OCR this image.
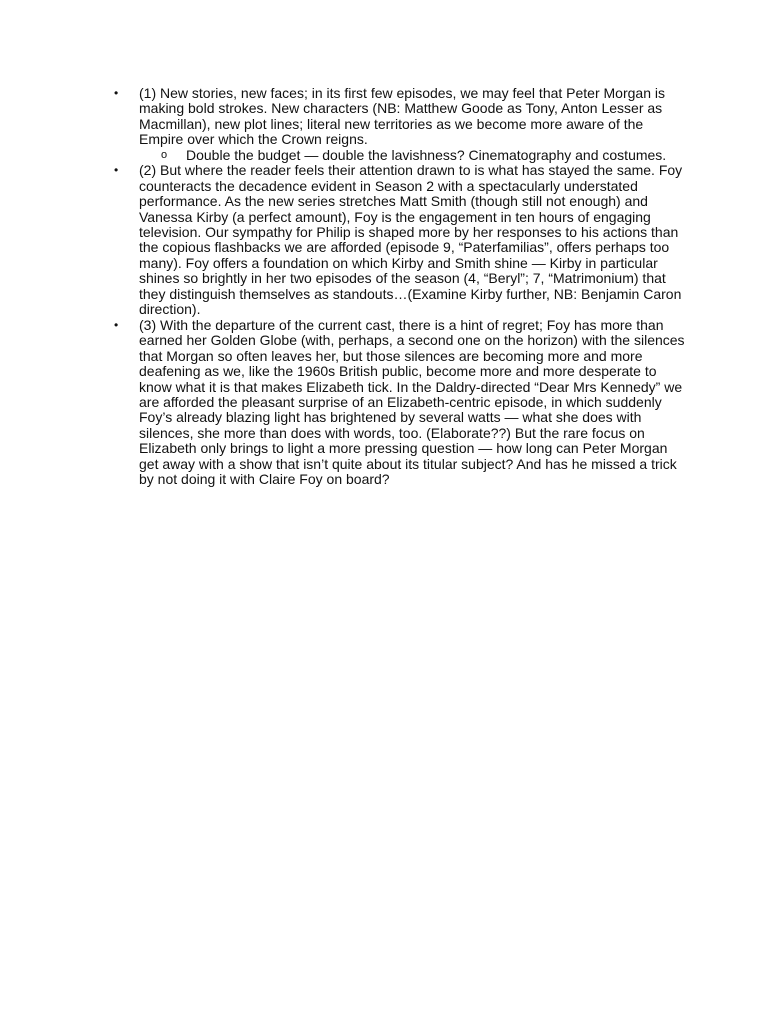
• (1) New stories, new faces; in its first few episodes, we may feel that Peter Morgan is making bold strokes. New characters (NB: Matthew Goode as Tony, Anton Lesser as Macmillan), new plot lines; literal new territories as we become more aware of the Empire over which the Crown reigns.
o Double the budget — double the lavishness? Cinematography and costumes.
• (2) But where the reader feels their attention drawn to is what has stayed the same. Foy counteracts the decadence evident in Season 2 with a spectacularly understated performance. As the new series stretches Matt Smith (though still not enough) and Vanessa Kirby (a perfect amount), Foy is the engagement in ten hours of engaging television. Our sympathy for Philip is shaped more by her responses to his actions than the copious flashbacks we are afforded (episode 9, “Paterfamilias”, offers perhaps too many). Foy offers a foundation on which Kirby and Smith shine — Kirby in particular shines so brightly in her two episodes of the season (4, “Beryl”; 7, “Matrimonium) that they distinguish themselves as standouts…(Examine Kirby further, NB: Benjamin Caron direction).
• (3) With the departure of the current cast, there is a hint of regret; Foy has more than earned her Golden Globe (with, perhaps, a second one on the horizon) with the silences that Morgan so often leaves her, but those silences are becoming more and more deafening as we, like the 1960s British public, become more and more desperate to know what it is that makes Elizabeth tick. In the Daldry-directed “Dear Mrs Kennedy” we are afforded the pleasant surprise of an Elizabeth-centric episode, in which suddenly Foy’s already blazing light has brightened by several watts — what she does with silences, she more than does with words, too. (Elaborate??) But the rare focus on Elizabeth only brings to light a more pressing question — how long can Peter Morgan get away with a show that isn’t quite about its titular subject? And has he missed a trick by not doing it with Claire Foy on board?
